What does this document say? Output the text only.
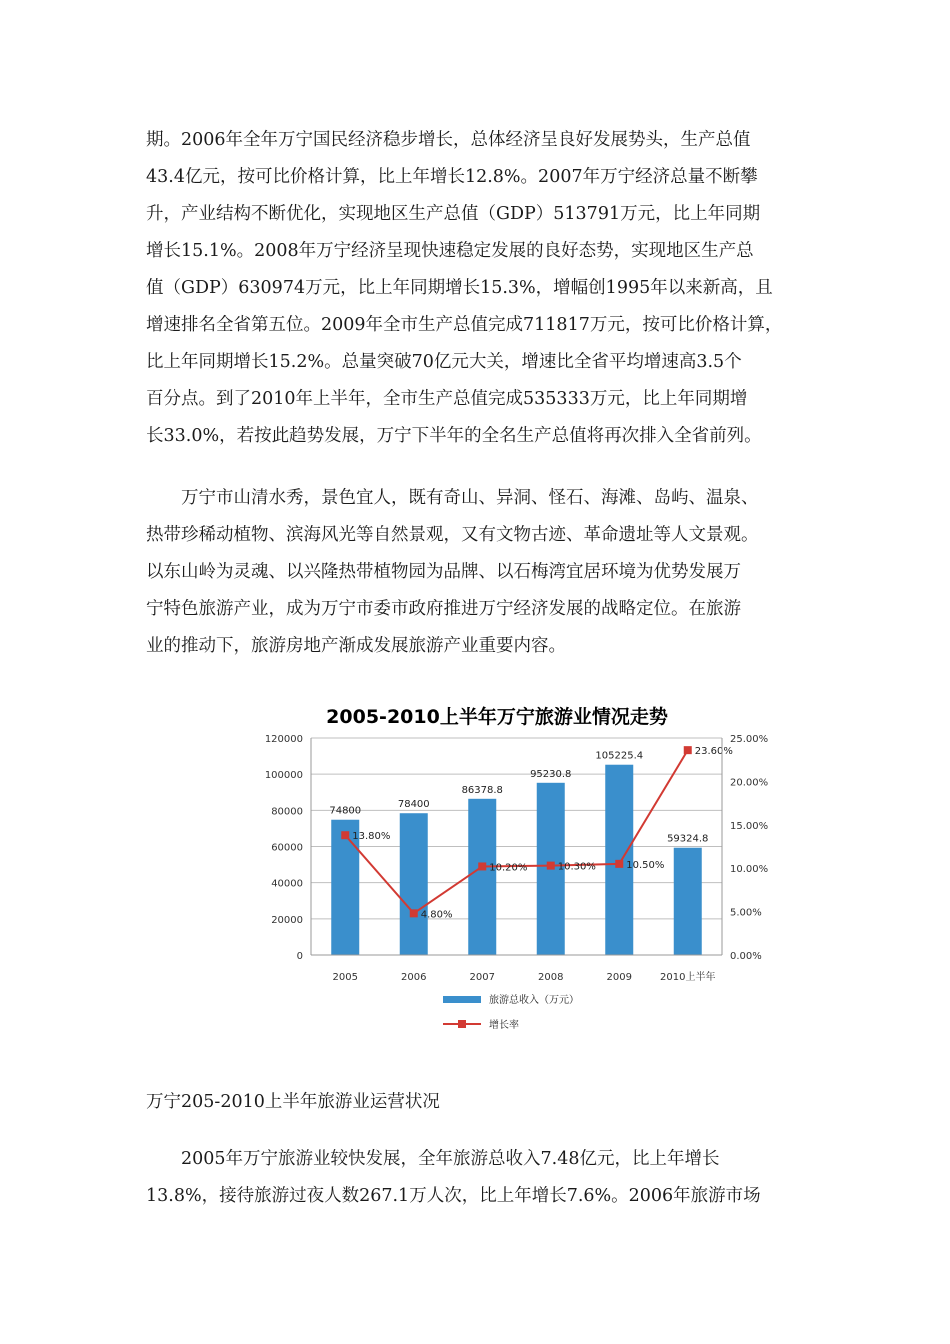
期。2006年全年万宁国民经济稳步增长，总体经济呈良好发展势头，生产总值
43.4亿元，按可比价格计算，比上年增长12.8%。2007年万宁经济总量不断攀
升，产业结构不断优化，实现地区生产总值（GDP）513791万元，比上年同期
增长15.1%。2008年万宁经济呈现快速稳定发展的良好态势，实现地区生产总
值（GDP）630974万元，比上年同期增长15.3%，增幅创1995年以来新高，且
增速排名全省第五位。2009年全市生产总值完成711817万元，按可比价格计算，
比上年同期增长15.2%。总量突破70亿元大关，增速比全省平均增速高3.5个
百分点。到了2010年上半年，全市生产总值完成535333万元，比上年同期增
长33.0%，若按此趋势发展，万宁下半年的全名生产总值将再次排入全省前列。
　　万宁市山清水秀，景色宜人，既有奇山、异洞、怪石、海滩、岛屿、温泉、
热带珍稀动植物、滨海风光等自然景观，又有文物古迹、革命遗址等人文景观。
以东山岭为灵魂、以兴隆热带植物园为品牌、以石梅湾宜居环境为优势发展万
宁特色旅游产业，成为万宁市委市政府推进万宁经济发展的战略定位。在旅游
业的推动下，旅游房地产渐成发展旅游产业重要内容。
2005-2010上半年万宁旅游业情况走势
74800
78400
86378.8
95230.8
105225.4
59324.8
13.80%
4.80%
10.20%	10.30%	10.50%
23.60%
0
20000
40000
60000
80000
100000
120000
0.00%
5.00%
10.00%
15.00%
20.00%
25.00%
2005	2006	2007	2008	2009	2010上半年
旅游总收入（万元）
增长率
万宁205-2010上半年旅游业运营状况
　　2005年万宁旅游业较快发展，全年旅游总收入7.48亿元，比上年增长
13.8%，接待旅游过夜人数267.1万人次，比上年增长7.6%。2006年旅游市场
